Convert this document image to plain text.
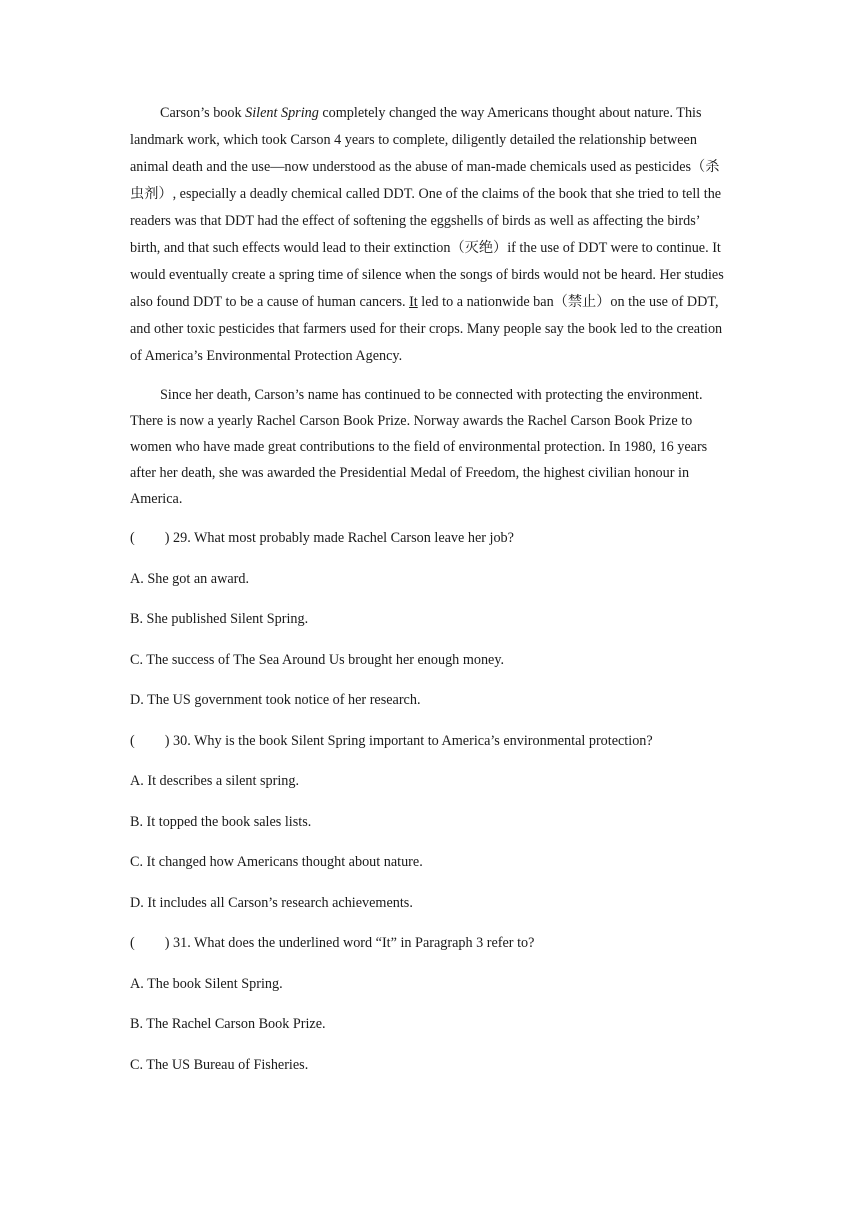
Carson’s book Silent Spring completely changed the way Americans thought about nature. This landmark work, which took Carson 4 years to complete, diligently detailed the relationship between animal death and the use—now understood as the abuse of man-made chemicals used as pesticides（杀虫剂）, especially a deadly chemical called DDT. One of the claims of the book that she tried to tell the readers was that DDT had the effect of softening the eggshells of birds as well as affecting the birds’ birth, and that such effects would lead to their extinction（灭绝）if the use of DDT were to continue. It would eventually create a spring time of silence when the songs of birds would not be heard. Her studies also found DDT to be a cause of human cancers. It led to a nationwide ban（禁止）on the use of DDT, and other toxic pesticides that farmers used for their crops. Many people say the book led to the creation of America’s Environmental Protection Agency.

Since her death, Carson’s name has continued to be connected with protecting the environment. There is now a yearly Rachel Carson Book Prize. Norway awards the Rachel Carson Book Prize to women who have made great contributions to the field of environmental protection. In 1980, 16 years after her death, she was awarded the Presidential Medal of Freedom, the highest civilian honour in America.

( ) 29. What most probably made Rachel Carson leave her job?

A. She got an award.

B. She published Silent Spring.

C. The success of The Sea Around Us brought her enough money.

D. The US government took notice of her research.

( ) 30. Why is the book Silent Spring important to America’s environmental protection?

A. It describes a silent spring.

B. It topped the book sales lists.

C. It changed how Americans thought about nature.

D. It includes all Carson’s research achievements.

( ) 31. What does the underlined word “It” in Paragraph 3 refer to?

A. The book Silent Spring.

B. The Rachel Carson Book Prize.

C. The US Bureau of Fisheries.
